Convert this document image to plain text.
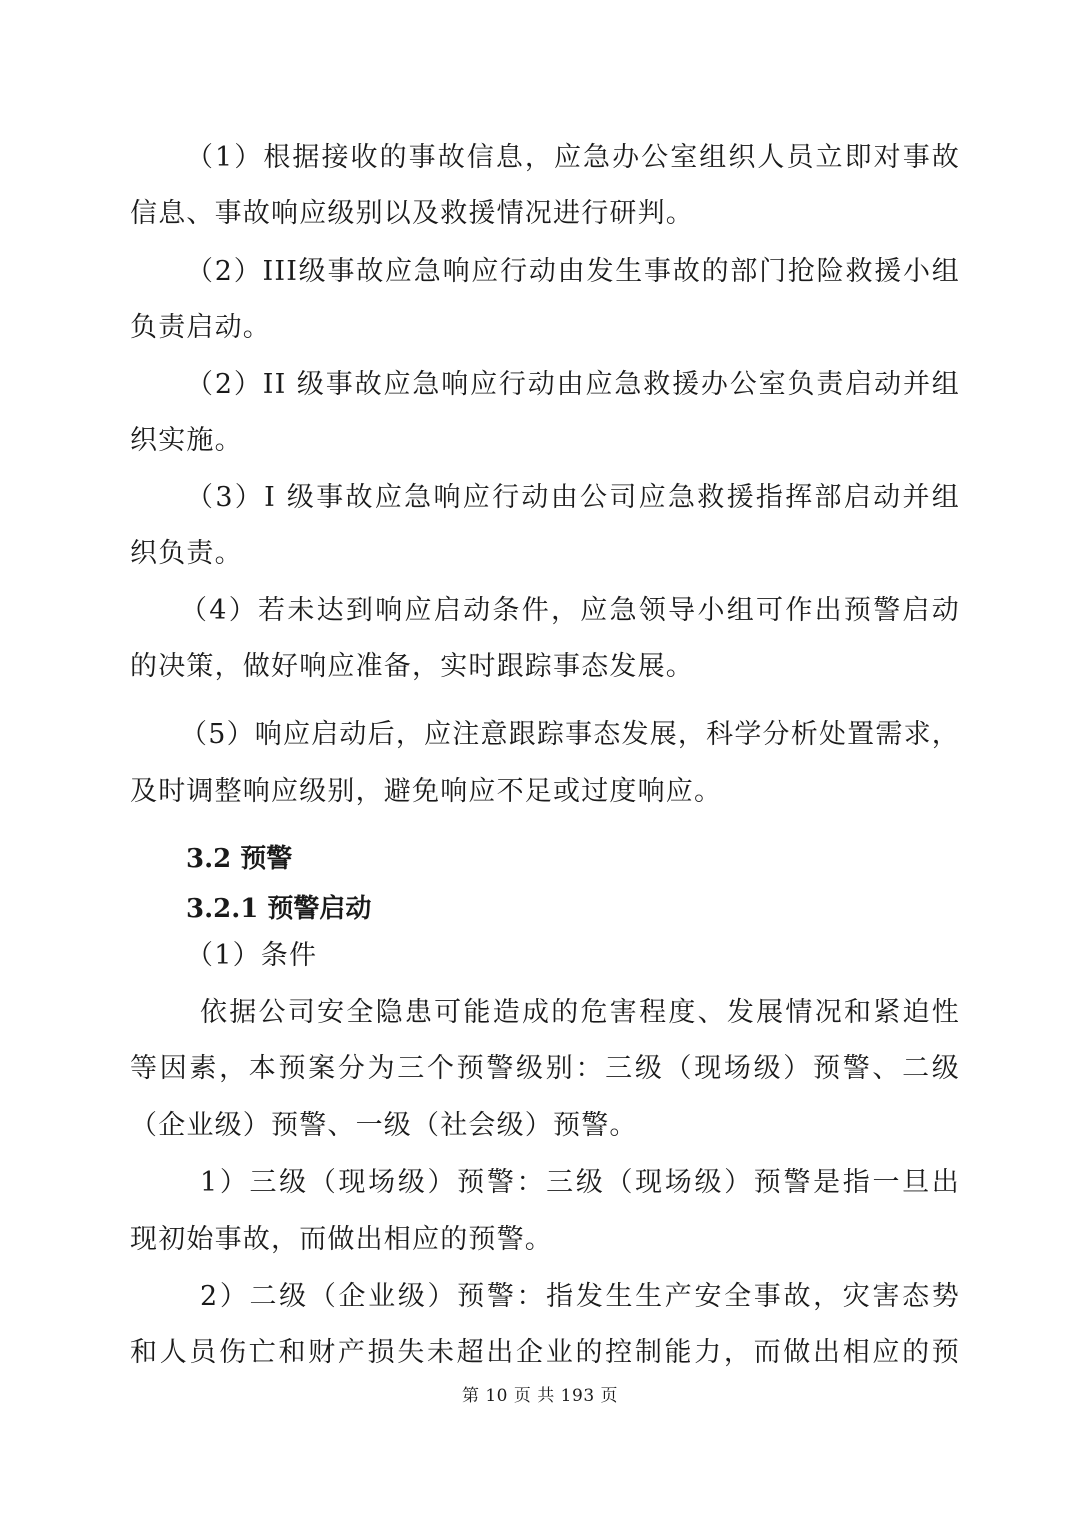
（1）根据接收的事故信息，应急办公室组织人员立即对事故
信息、事故响应级别以及救援情况进行研判。
（2）III级事故应急响应行动由发生事故的部门抢险救援小组
负责启动。
（2）II 级事故应急响应行动由应急救援办公室负责启动并组
织实施。
（3）I 级事故应急响应行动由公司应急救援指挥部启动并组
织负责。
（4）若未达到响应启动条件，应急领导小组可作出预警启动
的决策，做好响应准备，实时跟踪事态发展。
（5）响应启动后，应注意跟踪事态发展，科学分析处置需求，
及时调整响应级别，避免响应不足或过度响应。
3.2 预警
3.2.1 预警启动
（1）条件
依据公司安全隐患可能造成的危害程度、发展情况和紧迫性
等因素，本预案分为三个预警级别：三级（现场级）预警、二级
（企业级）预警、一级（社会级）预警。
1）三级（现场级）预警：三级（现场级）预警是指一旦出
现初始事故，而做出相应的预警。
2）二级（企业级）预警：指发生生产安全事故，灾害态势
和人员伤亡和财产损失未超出企业的控制能力，而做出相应的预
第 10 页 共 193 页
